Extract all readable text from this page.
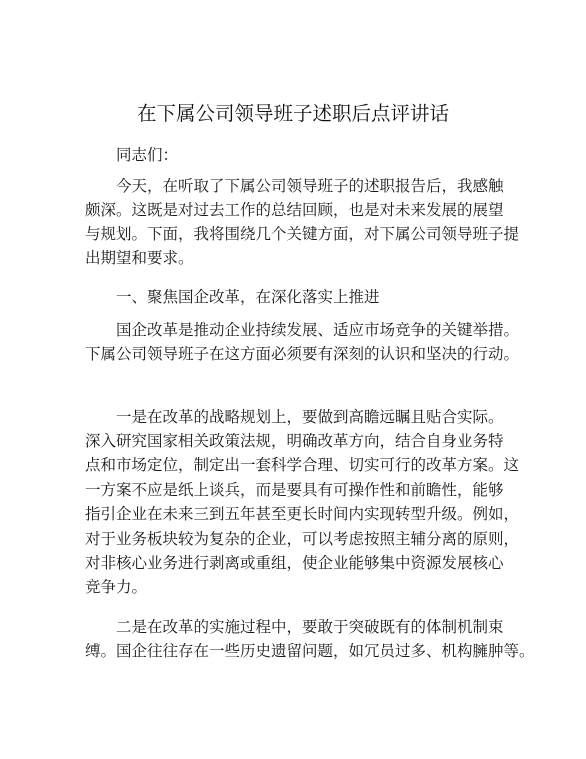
在下属公司领导班子述职后点评讲话

同志们：

今天，在听取了下属公司领导班子的述职报告后，我感触

颇深。这既是对过去工作的总结回顾，也是对未来发展的展望

与规划。下面，我将围绕几个关键方面，对下属公司领导班子提

出期望和要求。

一、聚焦国企改革，在深化落实上推进

国企改革是推动企业持续发展、适应市场竞争的关键举措。

下属公司领导班子在这方面必须要有深刻的认识和坚决的行动。

一是在改革的战略规划上，要做到高瞻远瞩且贴合实际。

深入研究国家相关政策法规，明确改革方向，结合自身业务特

点和市场定位，制定出一套科学合理、切实可行的改革方案。这

一方案不应是纸上谈兵，而是要具有可操作性和前瞻性，能够

指引企业在未来三到五年甚至更长时间内实现转型升级。例如，

对于业务板块较为复杂的企业，可以考虑按照主辅分离的原则，

对非核心业务进行剥离或重组，使企业能够集中资源发展核心

竞争力。

二是在改革的实施过程中，要敢于突破既有的体制机制束

缚。国企往往存在一些历史遗留问题，如冗员过多、机构臃肿等。
